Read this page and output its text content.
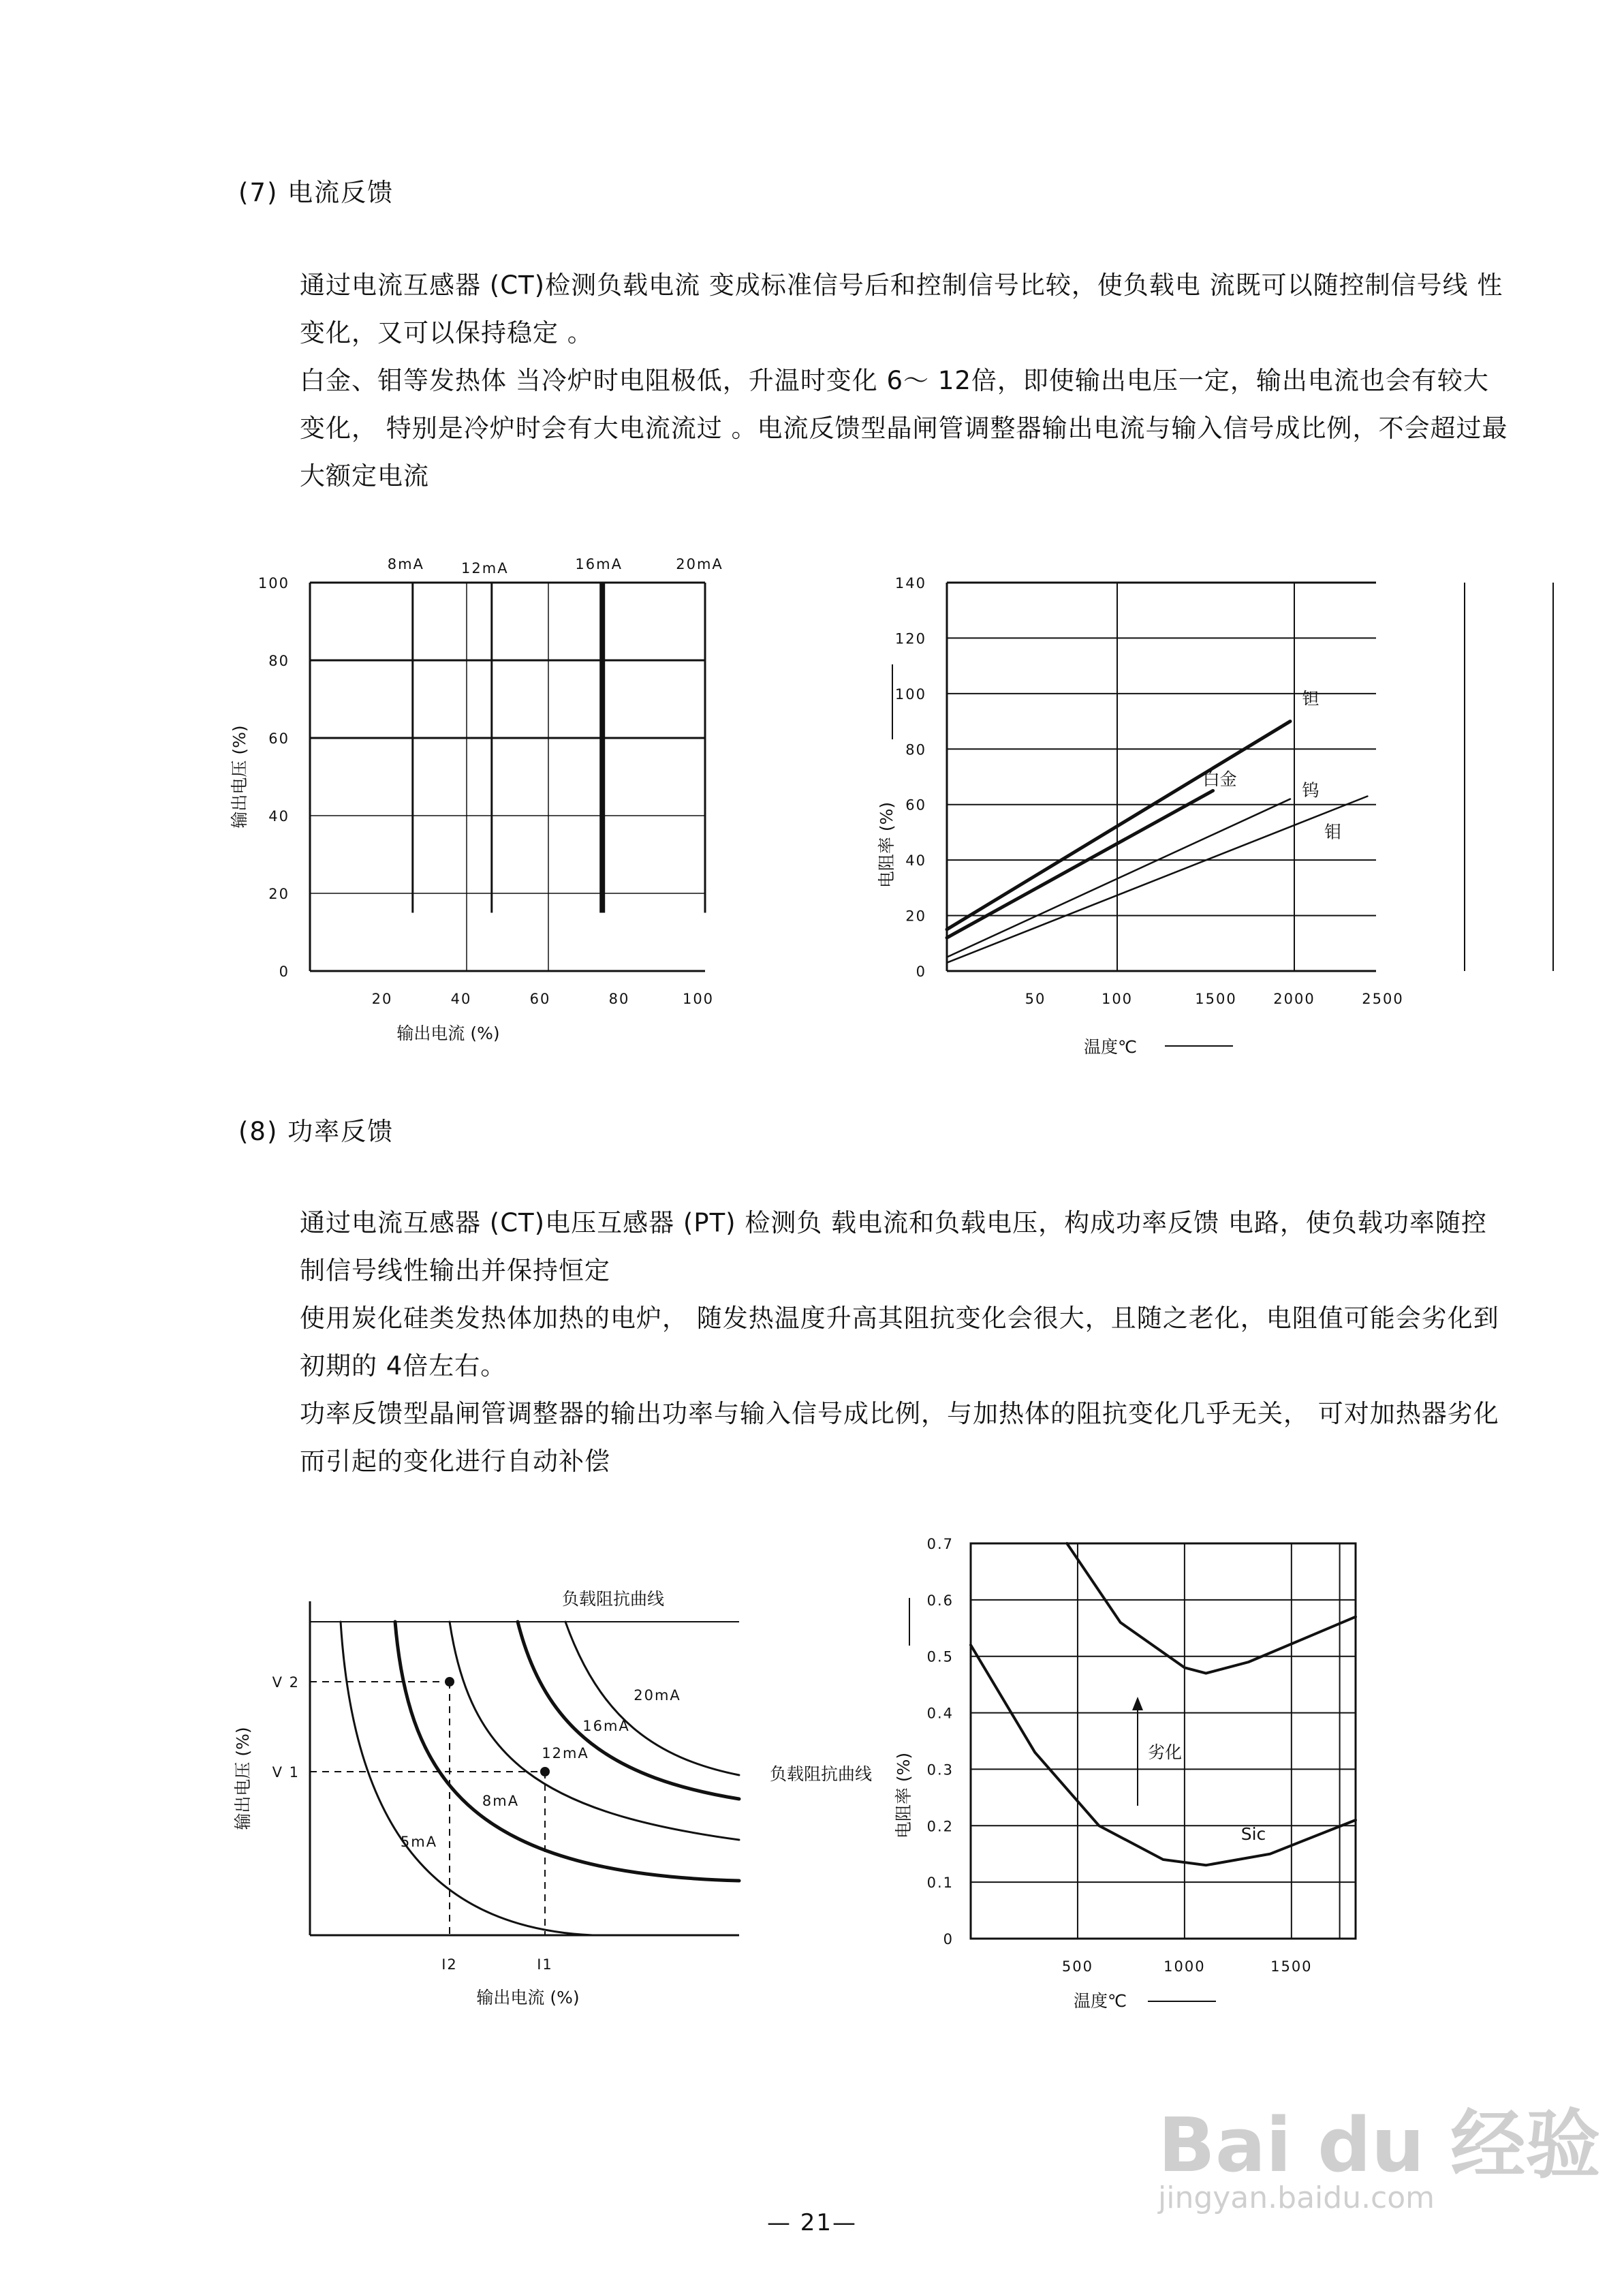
(7) 电流反馈

通过电流互感器 (CT)检测负载电流 变成标准信号后和控制信号比较，使负载电 流既可以随控制信号线 性变化，又可以保持稳定 。

白金、钼等发热体 当冷炉时电阻极低，升温时变化 6～ 12倍，即使输出电压一定，输出电流也会有较大变化， 特别是冷炉时会有大电流流过 。电流反馈型晶闸管调整器输出电流与输入信号成比例，不会超过最大额定电流

(8) 功率反馈

通过电流互感器 (CT)电压互感器 (PT) 检测负 载电流和负载电压，构成功率反馈 电路，使负载功率随控制信号线性输出并保持恒定

使用炭化硅类发热体加热的电炉， 随发热温度升高其阻抗变化会很大，且随之老化，电阻值可能会劣化到初期的 4倍左右。

功率反馈型晶闸管调整器的输出功率与输入信号成比例，与加热体的阻抗变化几乎无关， 可对加热器劣化而引起的变化进行自动补偿

0
20
40
60
80
100
20	40	60	80	100
8mA	12mA	16mA	20mA
输出电流 (%)
输出电压 (%)
0
20
40
60
80
100
120
140
50	100	1500	2000	2500
钽
白金
钨
钼
温度℃
电阻率 (%)
负载阻抗曲线
5mA
8mA
12mA
16mA
20mA
V 2
V 1
I2	I1
负载阻抗曲线
输出电流 (%)
输出电压 (%)
0
0.1
0.2
0.3
0.4
0.5
0.6
0.7
500	1000	1500
劣化
Sic
温度℃
电阻率 (%)
— 21—
Bai du 经验
jingyan.baidu.com
